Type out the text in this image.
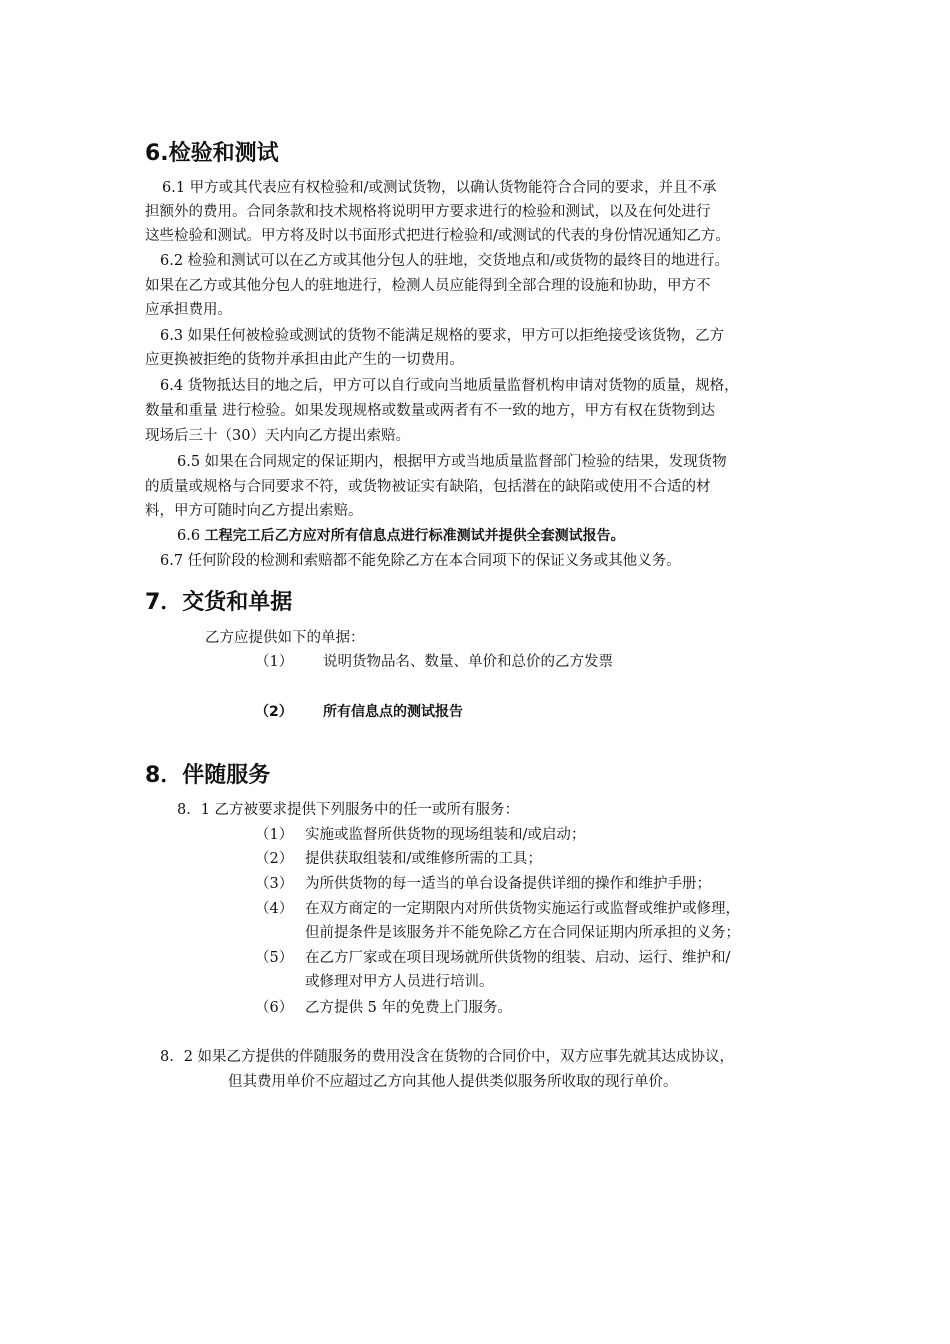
6.检验和测试
6.1 甲方或其代表应有权检验和/或测试货物，以确认货物能符合合同的要求，并且不承
担额外的费用。合同条款和技术规格将说明甲方要求进行的检验和测试，以及在何处进行
这些检验和测试。甲方将及时以书面形式把进行检验和/或测试的代表的身份情况通知乙方。
6.2 检验和测试可以在乙方或其他分包人的驻地，交货地点和/或货物的最终目的地进行。
如果在乙方或其他分包人的驻地进行，检测人员应能得到全部合理的设施和协助，甲方不
应承担费用。
6.3 如果任何被检验或测试的货物不能满足规格的要求，甲方可以拒绝接受该货物，乙方
应更换被拒绝的货物并承担由此产生的一切费用。
6.4 货物抵达目的地之后，甲方可以自行或向当地质量监督机构申请对货物的质量，规格，
数量和重量 进行检验。如果发现规格或数量或两者有不一致的地方，甲方有权在货物到达
现场后三十（30）天内向乙方提出索赔。
6.5 如果在合同规定的保证期内，根据甲方或当地质量监督部门检验的结果，发现货物
的质量或规格与合同要求不符，或货物被证实有缺陷，包括潜在的缺陷或使用不合适的材
料，甲方可随时向乙方提出索赔。
6.6 工程完工后乙方应对所有信息点进行标准测试并提供全套测试报告。
6.7 任何阶段的检测和索赔都不能免除乙方在本合同项下的保证义务或其他义务。
7．交货和单据
乙方应提供如下的单据：
（1） 说明货物品名、数量、单价和总价的乙方发票
（2） 所有信息点的测试报告
8．伴随服务
8．1 乙方被要求提供下列服务中的任一或所有服务：
（1） 实施或监督所供货物的现场组装和/或启动；
（2） 提供获取组装和/或维修所需的工具；
（3） 为所供货物的每一适当的单台设备提供详细的操作和维护手册；
（4） 在双方商定的一定期限内对所供货物实施运行或监督或维护或修理，
但前提条件是该服务并不能免除乙方在合同保证期内所承担的义务；
（5） 在乙方厂家或在项目现场就所供货物的组装、启动、运行、维护和/
或修理对甲方人员进行培训。
（6） 乙方提供 5 年的免费上门服务。
8．2 如果乙方提供的伴随服务的费用没含在货物的合同价中，双方应事先就其达成协议，
但其费用单价不应超过乙方向其他人提供类似服务所收取的现行单价。
